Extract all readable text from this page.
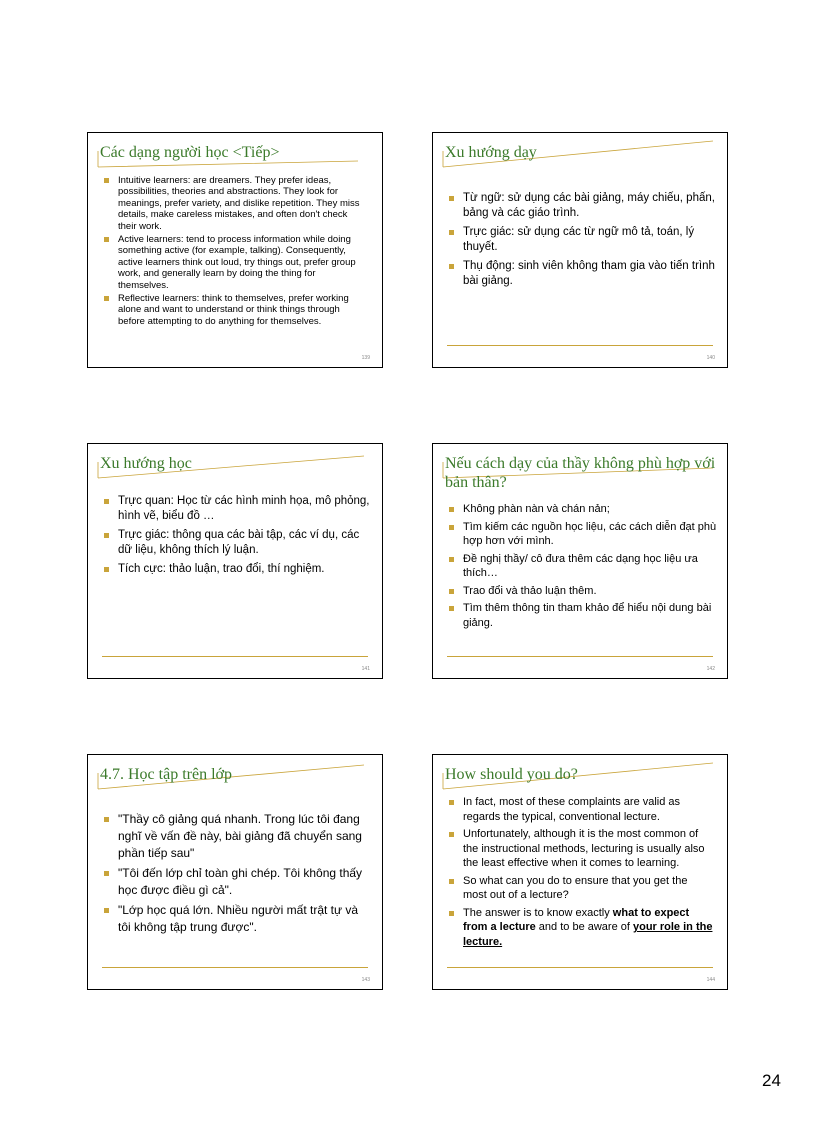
Các dạng người học <Tiếp>
Intuitive learners: are dreamers. They prefer ideas, possibilities, theories and abstractions. They look for meanings, prefer variety, and dislike repetition. They miss details, make careless mistakes, and often don't check their work.
Active learners: tend to process information while doing something active (for example, talking). Consequently, active learners think out loud, try things out, prefer group work, and generally learn by doing the thing for themselves.
Reflective learners: think to themselves, prefer working alone and want to understand or think things through before attempting to do anything for themselves.
139
Xu hướng dạy
Từ ngữ: sử dụng các bài giảng, máy chiếu, phấn, bảng và các giáo trình.
Trực giác: sử dụng các từ ngữ mô tả, toán, lý thuyết.
Thụ động: sinh viên không tham gia vào tiến trình bài giảng.
140
Xu hướng học
Trực quan: Học từ các hình minh họa, mô phỏng, hình vẽ, biểu đồ …
Trực giác: thông qua các bài tập, các ví dụ, các dữ liệu, không thích lý luận.
Tích cực: thảo luận, trao đổi, thí nghiệm.
141
Nếu cách dạy của thầy không phù hợp với
bản thân?
Không phàn nàn và chán nản;
Tìm kiếm các nguồn học liệu, các cách diễn đạt phù hợp hơn với mình.
Đề nghị thầy/ cô đưa thêm các dạng học liệu ưa thích…
Trao đổi và thảo luận thêm.
Tìm thêm thông tin tham khảo để hiểu nội dung bài giảng.
142
4.7. Học tập trên lớp
"Thầy cô giảng quá nhanh. Trong lúc tôi đang nghĩ về vấn đề này, bài giảng đã chuyển sang phần tiếp sau"
"Tôi đến lớp chỉ toàn ghi chép. Tôi không thấy học được điều gì cả".
"Lớp học quá lớn. Nhiều người mất trật tự và tôi không tập trung được".
143
How should you do?
In fact, most of these complaints are valid as regards the typical, conventional lecture.
Unfortunately, although it is the most common of the instructional methods, lecturing is usually also the least effective when it comes to learning.
So what can you do to ensure that you get the most out of a lecture?
The answer is to know exactly what to expect from a lecture and to be aware of your role in the lecture.
144
24
